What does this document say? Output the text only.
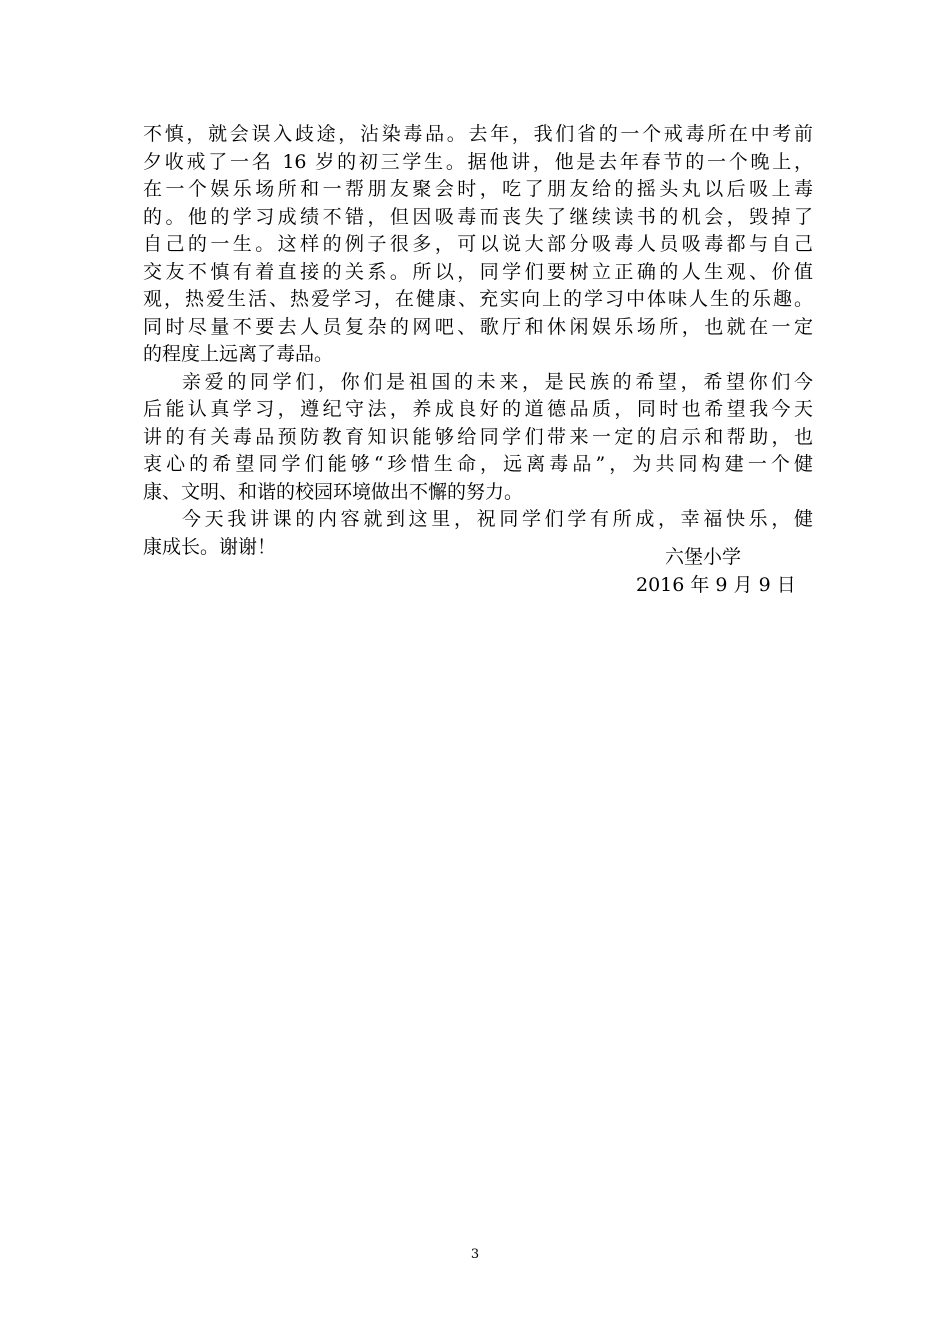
不慎，就会误入歧途，沾染毒品。去年，我们省的一个戒毒所在中考前
夕收戒了一名 16 岁的初三学生。据他讲，他是去年春节的一个晚上，
在一个娱乐场所和一帮朋友聚会时，吃了朋友给的摇头丸以后吸上毒
的。他的学习成绩不错，但因吸毒而丧失了继续读书的机会，毁掉了
自己的一生。这样的例子很多，可以说大部分吸毒人员吸毒都与自己
交友不慎有着直接的关系。所以，同学们要树立正确的人生观、价值
观，热爱生活、热爱学习，在健康、充实向上的学习中体味人生的乐趣。
同时尽量不要去人员复杂的网吧、歌厅和休闲娱乐场所，也就在一定
的程度上远离了毒品。
亲爱的同学们，你们是祖国的未来，是民族的希望，希望你们今
后能认真学习，遵纪守法，养成良好的道德品质，同时也希望我今天
讲的有关毒品预防教育知识能够给同学们带来一定的启示和帮助，也
衷心的希望同学们能够“珍惜生命，远离毒品”，为共同构建一个健
康、文明、和谐的校园环境做出不懈的努力。
今天我讲课的内容就到这里，祝同学们学有所成，幸福快乐，健
康成长。谢谢！	六堡小学
2016 年 9 月 9 日
3
